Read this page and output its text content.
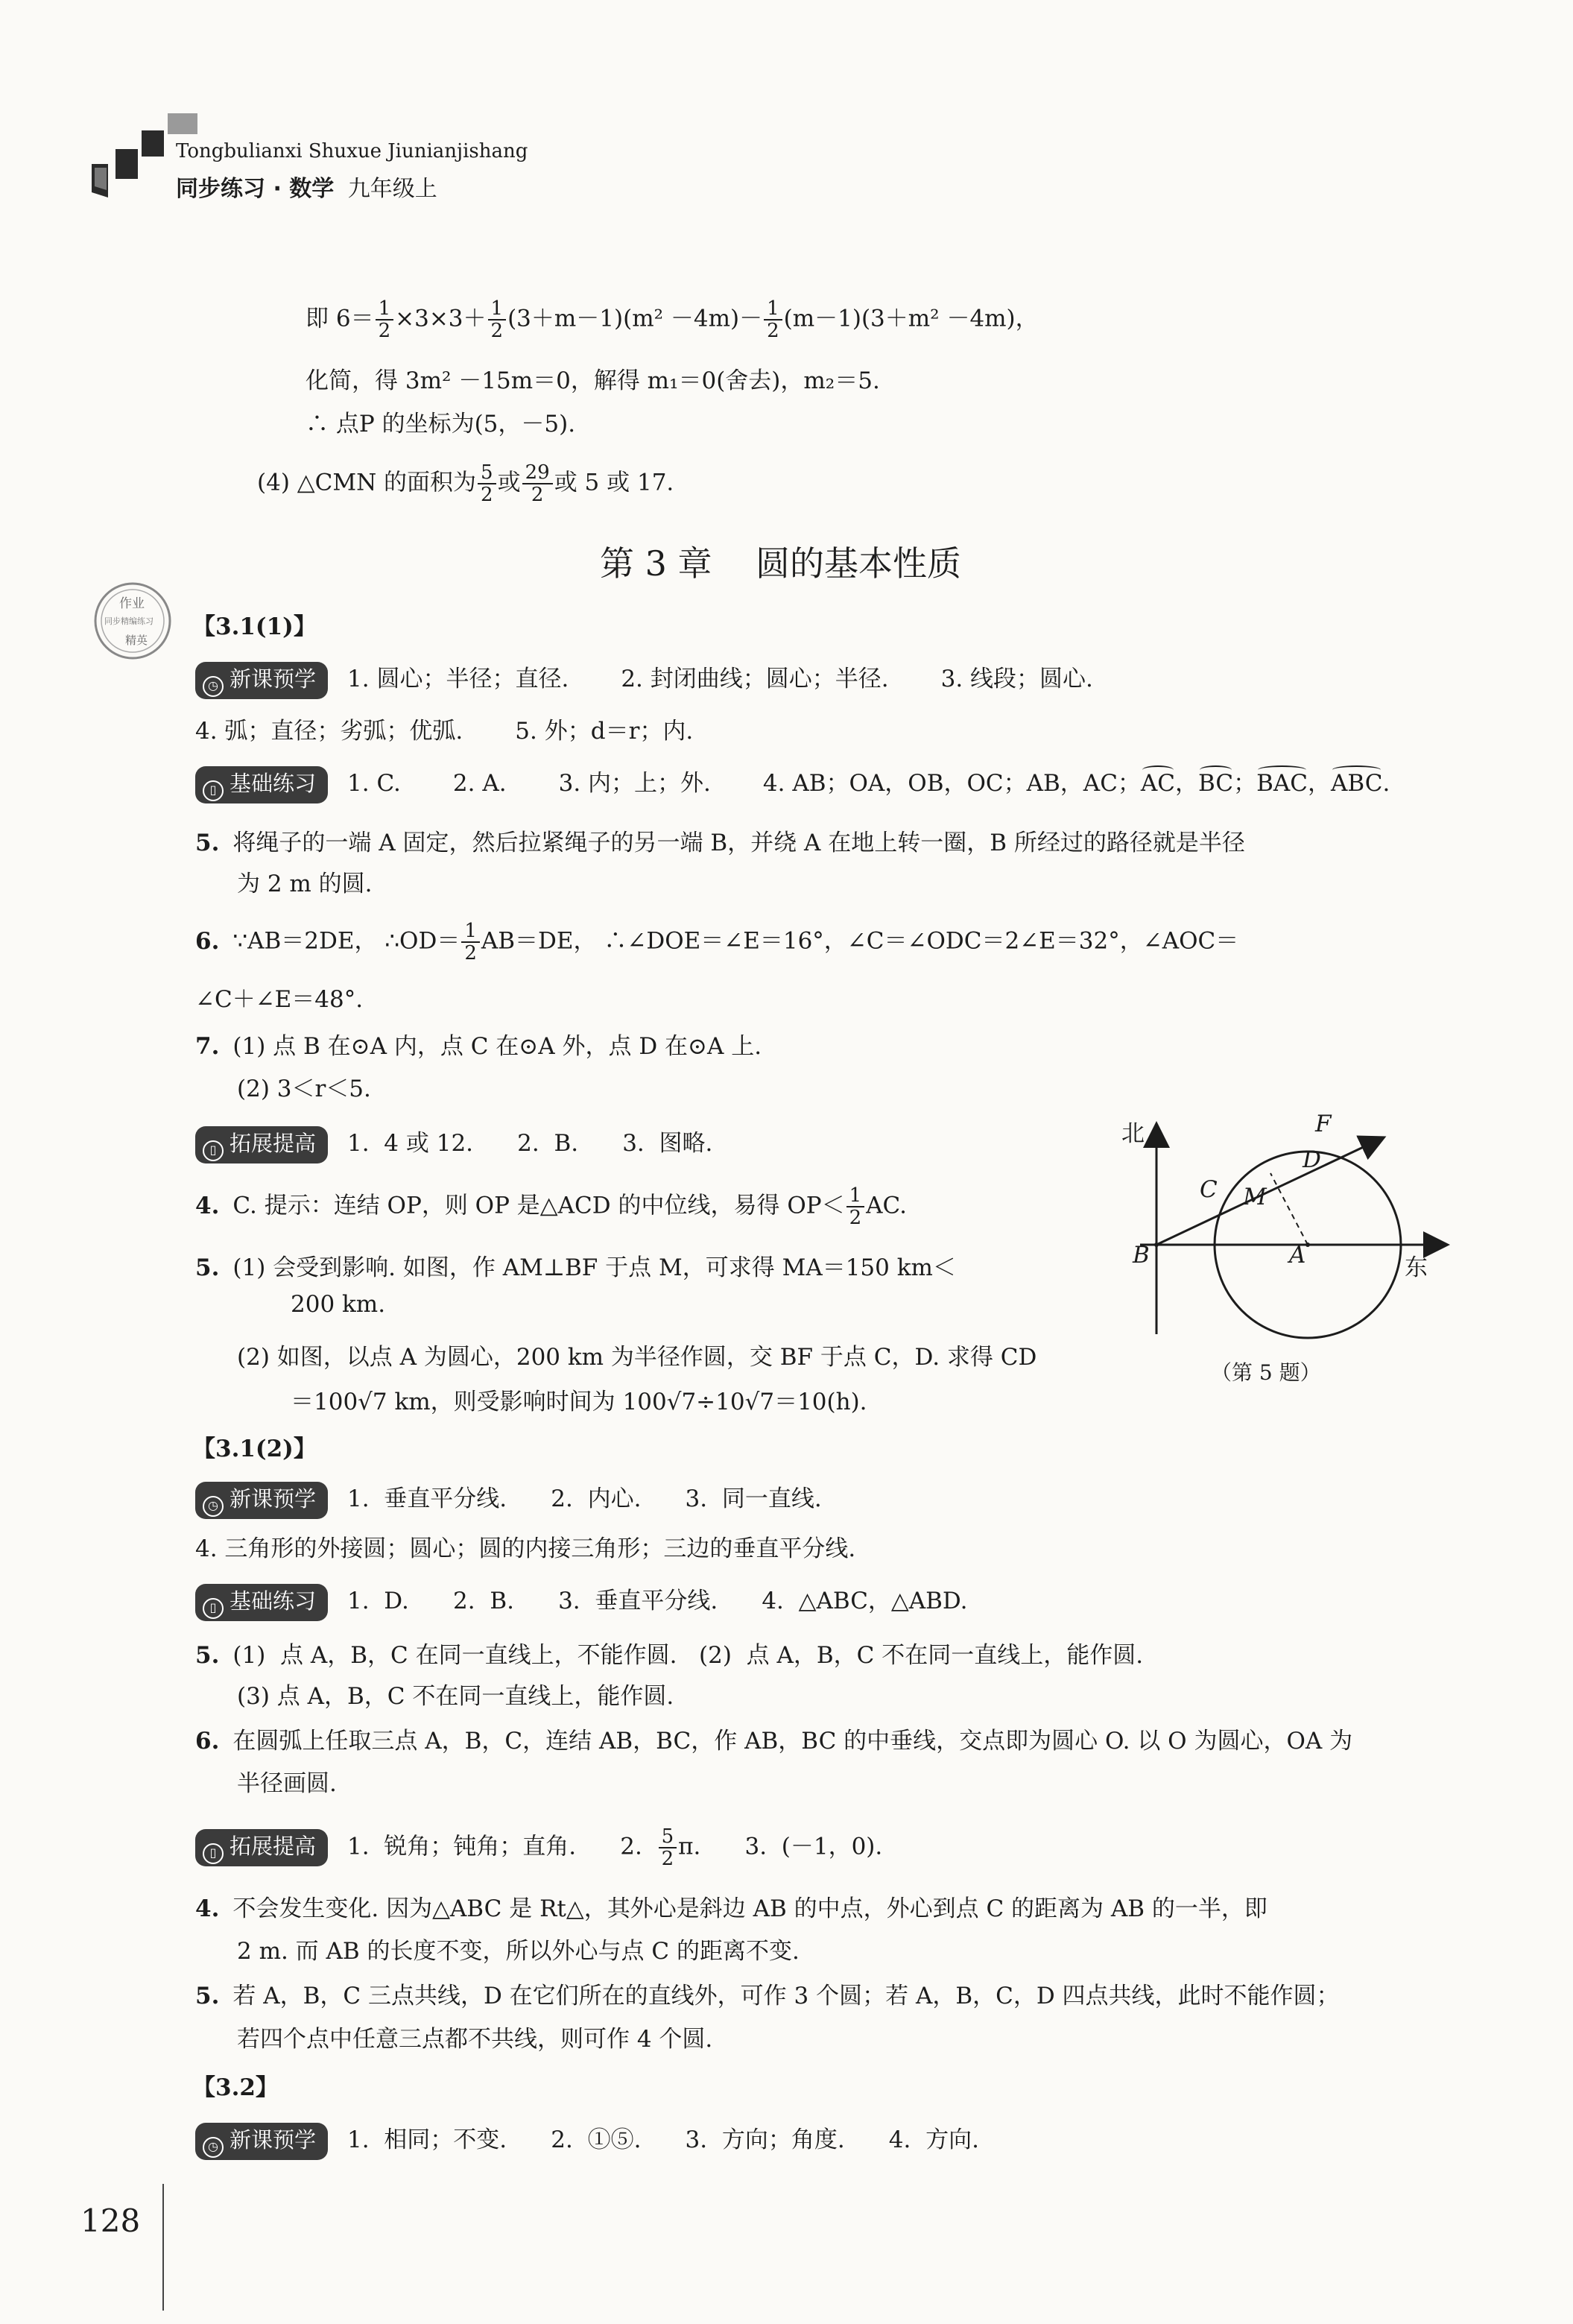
Tongbulianxi Shuxue Jiunianjishang
同步练习 · 数学 九年级上
即 $6= \frac{1}{2} \times 3\times 3+ \frac{1}{2} (3+m-1)(m^2 -4m)- \frac{1}{2} (m-1)(3+m^2 -4m)$，
化简，得 3m² －15m＝0，解得 m₁＝0(舍去)，m₂＝5.
∴ 点P 的坐标为(5，－5).
(4) △CMN 的面积为 $\frac{5}{2}$ 或 $\frac{29}{2}$ 或 5 或 17.
第 3 章    圆的基本性质
作业
同步精编练习
精英 【3.1(1)】
◷ 新课预学 1. 圆心；半径；直径. 2. 封闭曲线；圆心；半径. 3. 线段；圆心.
4. 弧；直径；劣弧；优弧. 5. 外；d＝r；内.
▯ 基础练习 1. C. 2. A. 3. 内；上；外. 4. AB；OA，OB，OC；AB，AC；AC，BC；BAC，ABC.
5. 将绳子的一端 A 固定，然后拉紧绳子的另一端 B，并绕 A 在地上转一圈，B 所经过的路径就是半径
为 2 m 的圆.
6. ∵AB＝2DE， ∴OD＝ $\frac{1}{2} AB=DE$， ∴∠DOE＝∠E＝16°，∠C＝∠ODC＝2∠E＝32°，∠AOC＝
∠C＋∠E＝48°.
7. (1) 点 B 在⊙A 内，点 C 在⊙A 外，点 D 在⊙A 上.
(2) 3＜r＜5.
▯ 拓展提高 1.  4 或 12.      2.  B.      3.  图略.
4. C. 提示：连结 OP，则 OP 是△ACD 的中位线，易得 $OP< \frac{1}{2}$ AC.
5. (1) 会受到影响. 如图，作 AM⊥BF 于点 M，可求得 MA＝150 km＜
200 km.
(2) 如图，以点 A 为圆心，200 km 为半径作圆，交 BF 于点 C，D. 求得 CD
＝100√7 km，则受影响时间为 100√7÷10√7＝10(h).
北
东
F
D
C M
B	A
（第 5 题）
【3.1(2)】
◷ 新课预学 1.  垂直平分线.      2.  内心.      3.  同一直线.
4. 三角形的外接圆；圆心；圆的内接三角形；三边的垂直平分线.
▯ 基础练习 1.  D.      2.  B.      3.  垂直平分线.      4.  △ABC，△ABD.
5. (1)  点 A，B，C 在同一直线上，不能作圆.   (2)  点 A，B，C 不在同一直线上，能作圆.
(3) 点 A，B，C 不在同一直线上，能作圆.
6. 在圆弧上任取三点 A，B，C，连结 AB，BC，作 AB，BC 的中垂线，交点即为圆心 O. 以 O 为圆心，OA 为
半径画圆.
▯ 拓展提高 1.  锐角；钝角；直角.      2. $\frac{5}{2} \pi$.      3.  (－1，0).
4. 不会发生变化. 因为△ABC 是 Rt△，其外心是斜边 AB 的中点，外心到点 C 的距离为 AB 的一半，即
2 m. 而 AB 的长度不变，所以外心与点 C 的距离不变.
5. 若 A，B，C 三点共线，D 在它们所在的直线外，可作 3 个圆；若 A，B，C，D 四点共线，此时不能作圆；
若四个点中任意三点都不共线，则可作 4 个圆.
【3.2】
◷ 新课预学 1.  相同；不变.      2.  ①⑤.      3.  方向；角度.      4.  方向.
128
